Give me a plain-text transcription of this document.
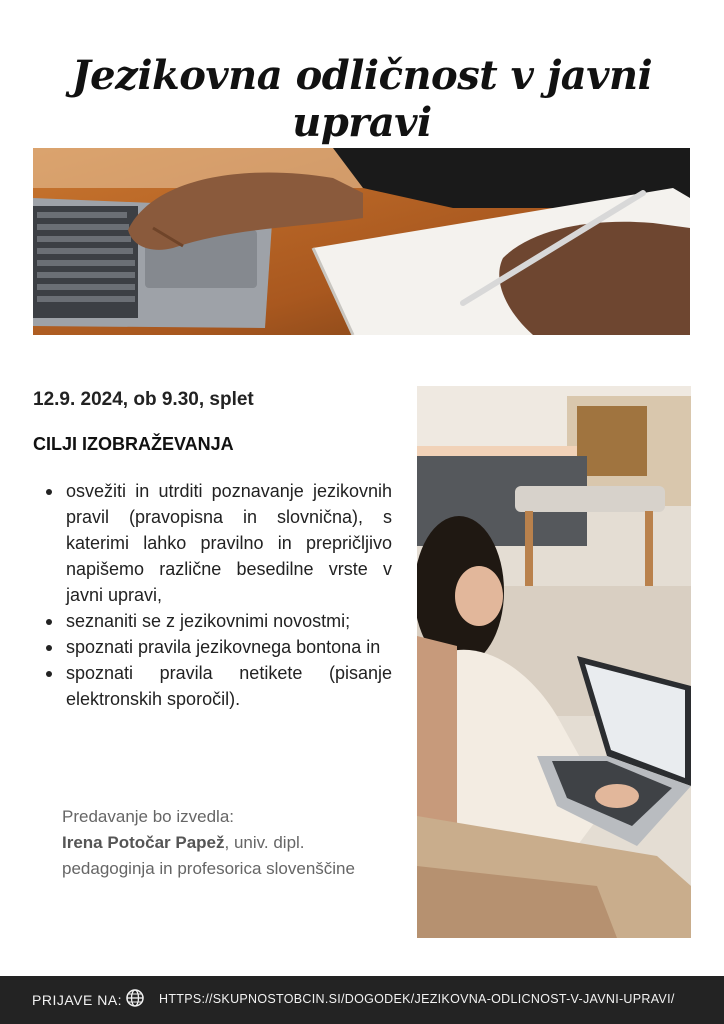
Jezikovna odličnost v javni upravi
12.9. 2024, ob 9.30, splet
CILJI IZOBRAŽEVANJA
osvežiti in utrditi poznavanje jezikovnih pravil (pravopisna in slovnična), s katerimi lahko pravilno in prepričljivo napišemo različne besedilne vrste v javni upravi,
seznaniti se z jezikovnimi novostmi;
spoznati pravila jezikovnega bontona in
spoznati pravila netikete (pisanje elektronskih sporočil).
Predavanje bo izvedla:
Irena Potočar Papež, univ. dipl. pedagoginja in profesorica slovenščine
PRIJAVE NA:	HTTPS://SKUPNOSTOBCIN.SI/DOGODEK/JEZIKOVNA-ODLICNOST-V-JAVNI-UPRAVI/
